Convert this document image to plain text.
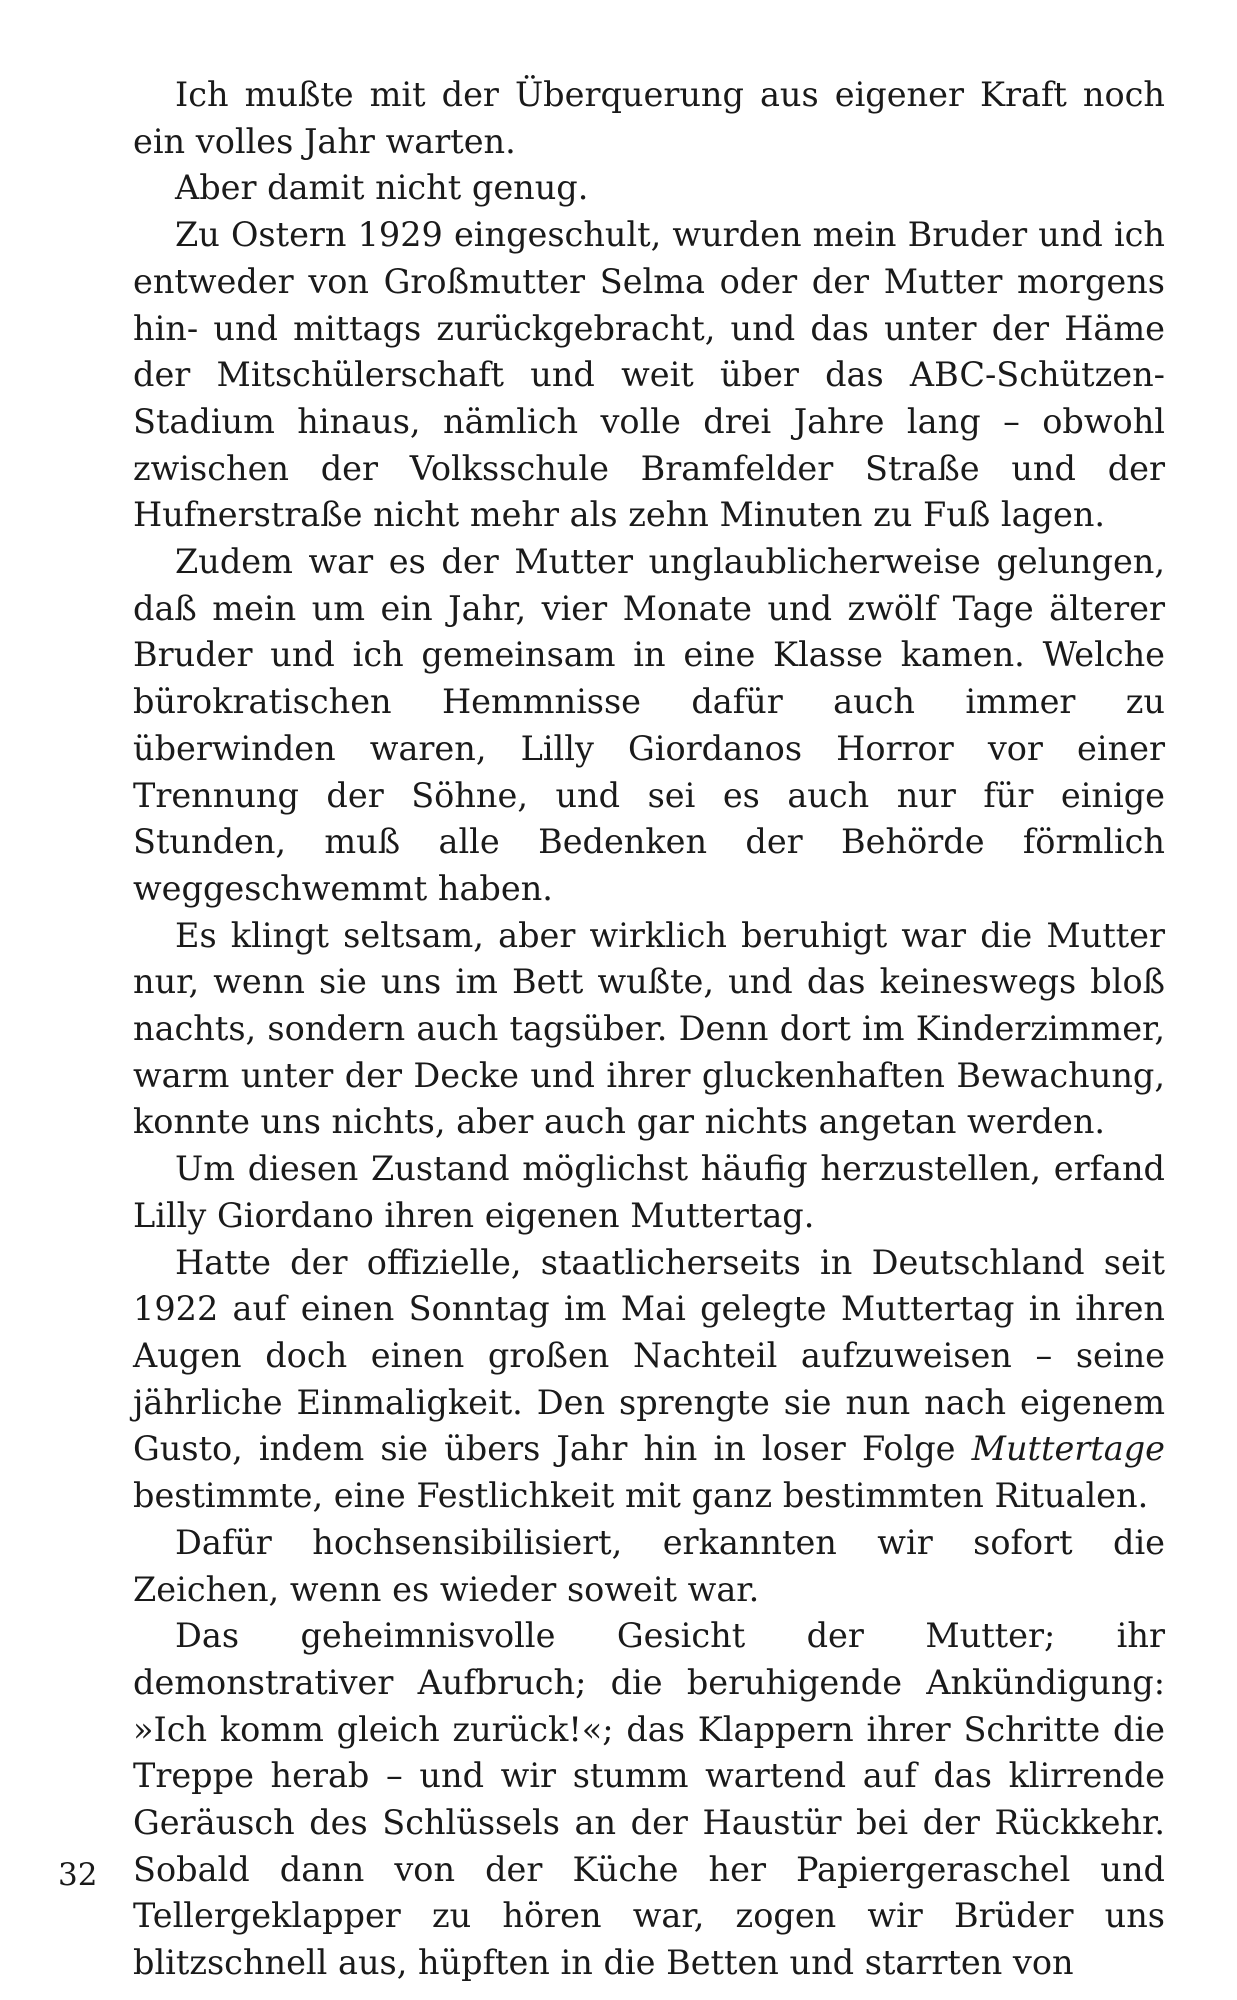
Ich mußte mit der Überquerung aus eigener Kraft noch ein volles Jahr warten.

Aber damit nicht genug.

Zu Ostern 1929 eingeschult, wurden mein Bruder und ich entweder von Großmutter Selma oder der Mutter morgens hin- und mittags zurückgebracht, und das unter der Häme der Mitschülerschaft und weit über das ABC-Schützen-Stadium hinaus, nämlich volle drei Jahre lang – obwohl zwischen der Volksschule Bramfelder Straße und der Hufnerstraße nicht mehr als zehn Minuten zu Fuß lagen.

Zudem war es der Mutter unglaublicherweise gelungen, daß mein um ein Jahr, vier Monate und zwölf Tage älterer Bruder und ich gemeinsam in eine Klasse kamen. Welche bürokratischen Hemmnisse dafür auch immer zu überwinden waren, Lilly Giordanos Horror vor einer Trennung der Söhne, und sei es auch nur für einige Stunden, muß alle Bedenken der Behörde förmlich weggeschwemmt haben.

Es klingt seltsam, aber wirklich beruhigt war die Mutter nur, wenn sie uns im Bett wußte, und das keineswegs bloß nachts, sondern auch tagsüber. Denn dort im Kinderzimmer, warm unter der Decke und ihrer gluckenhaften Bewachung, konnte uns nichts, aber auch gar nichts angetan werden.

Um diesen Zustand möglichst häufig herzustellen, erfand Lilly Giordano ihren eigenen Muttertag.

Hatte der offizielle, staatlicherseits in Deutschland seit 1922 auf einen Sonntag im Mai gelegte Muttertag in ihren Augen doch einen großen Nachteil aufzuweisen – seine jährliche Einmaligkeit. Den sprengte sie nun nach eigenem Gusto, indem sie übers Jahr hin in loser Folge Muttertage bestimmte, eine Festlichkeit mit ganz bestimmten Ritualen.

Dafür hochsensibilisiert, erkannten wir sofort die Zeichen, wenn es wieder soweit war.

Das geheimnisvolle Gesicht der Mutter; ihr demonstrativer Aufbruch; die beruhigende Ankündigung: »Ich komm gleich zurück!«; das Klappern ihrer Schritte die Treppe herab – und wir stumm wartend auf das klirrende Geräusch des Schlüssels an der Haustür bei der Rückkehr. Sobald dann von der Küche her Papiergeraschel und Tellergeklapper zu hören war, zogen wir Brüder uns blitzschnell aus, hüpften in die Betten und starrten von

32
